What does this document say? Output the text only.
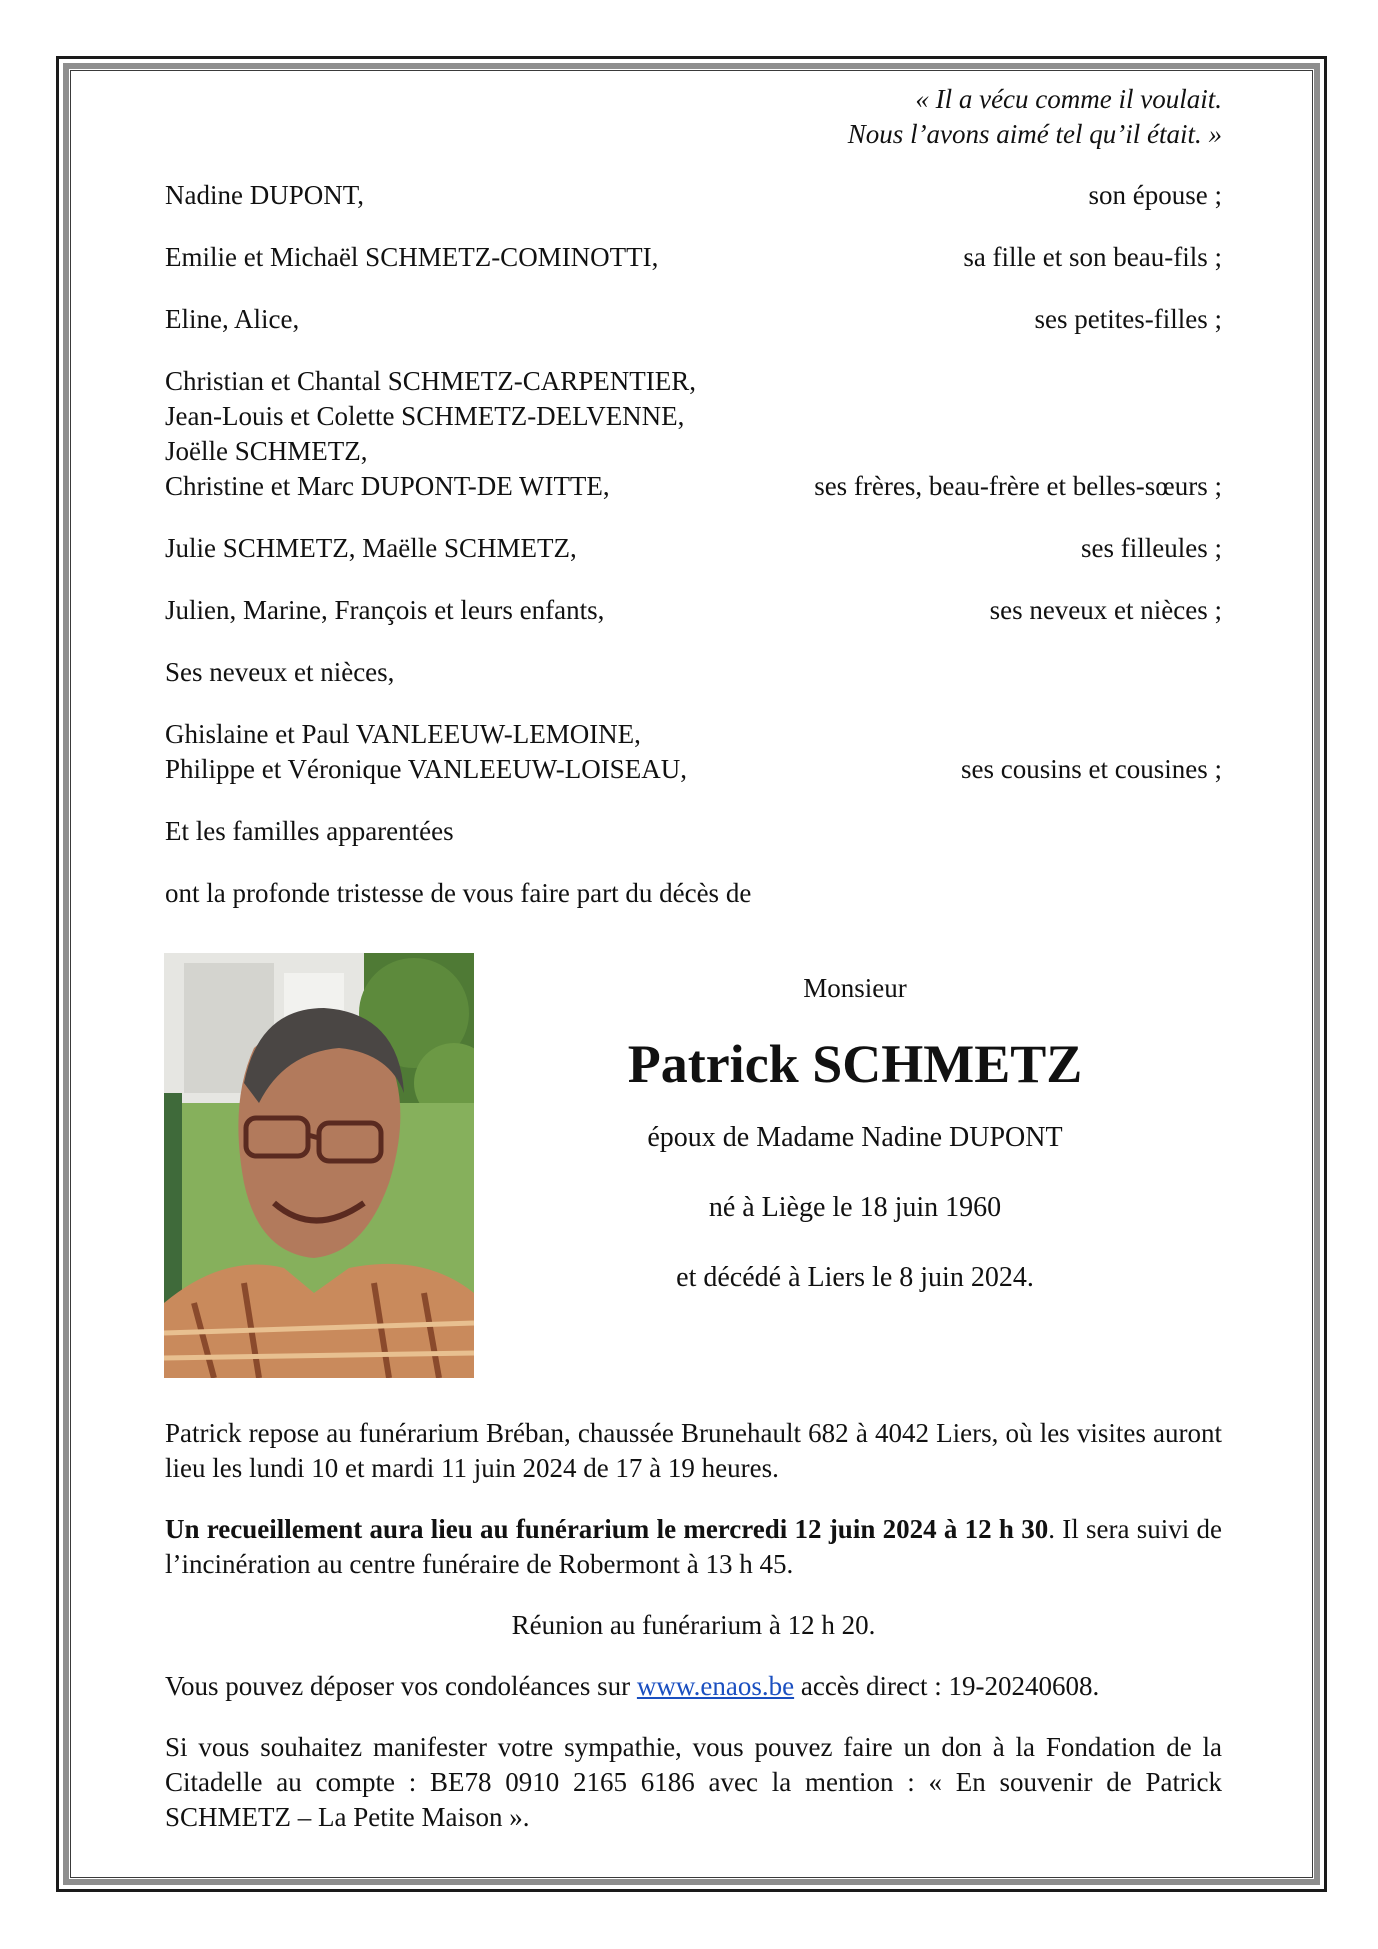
« Il a vécu comme il voulait.
Nous l’avons aimé tel qu’il était. »
Nadine DUPONT,	son épouse ;
Emilie et Michaël SCHMETZ-COMINOTTI,	sa fille et son beau-fils ;
Eline, Alice,	ses petites-filles ;
Christian et Chantal SCHMETZ-CARPENTIER,
Jean-Louis et Colette SCHMETZ-DELVENNE,
Joëlle SCHMETZ,
Christine et Marc DUPONT-DE WITTE,	ses frères, beau-frère et belles-sœurs ;
Julie SCHMETZ, Maëlle SCHMETZ,	ses filleules ;
Julien, Marine, François et leurs enfants,	ses neveux et nièces ;
Ses neveux et nièces,
Ghislaine et Paul VANLEEUW-LEMOINE,
Philippe et Véronique VANLEEUW-LOISEAU,	ses cousins et cousines ;
Et les familles apparentées
ont la profonde tristesse de vous faire part du décès de
Monsieur
Patrick SCHMETZ
époux de Madame Nadine DUPONT
né à Liège le 18 juin 1960
et décédé à Liers le 8 juin 2024.

Patrick repose au funérarium Bréban, chaussée Brunehault 682 à 4042 Liers, où les visites auront lieu les lundi 10 et mardi 11 juin 2024 de 17 à 19 heures.

Un recueillement aura lieu au funérarium le mercredi 12 juin 2024 à 12 h 30. Il sera suivi de l’incinération au centre funéraire de Robermont à 13 h 45.

Réunion au funérarium à 12 h 20.

Vous pouvez déposer vos condoléances sur www.enaos.be accès direct : 19-20240608.

Si vous souhaitez manifester votre sympathie, vous pouvez faire un don à la Fondation de la Citadelle au compte : BE78 0910 2165 6186 avec la mention : « En souvenir de Patrick SCHMETZ – La Petite Maison ».
